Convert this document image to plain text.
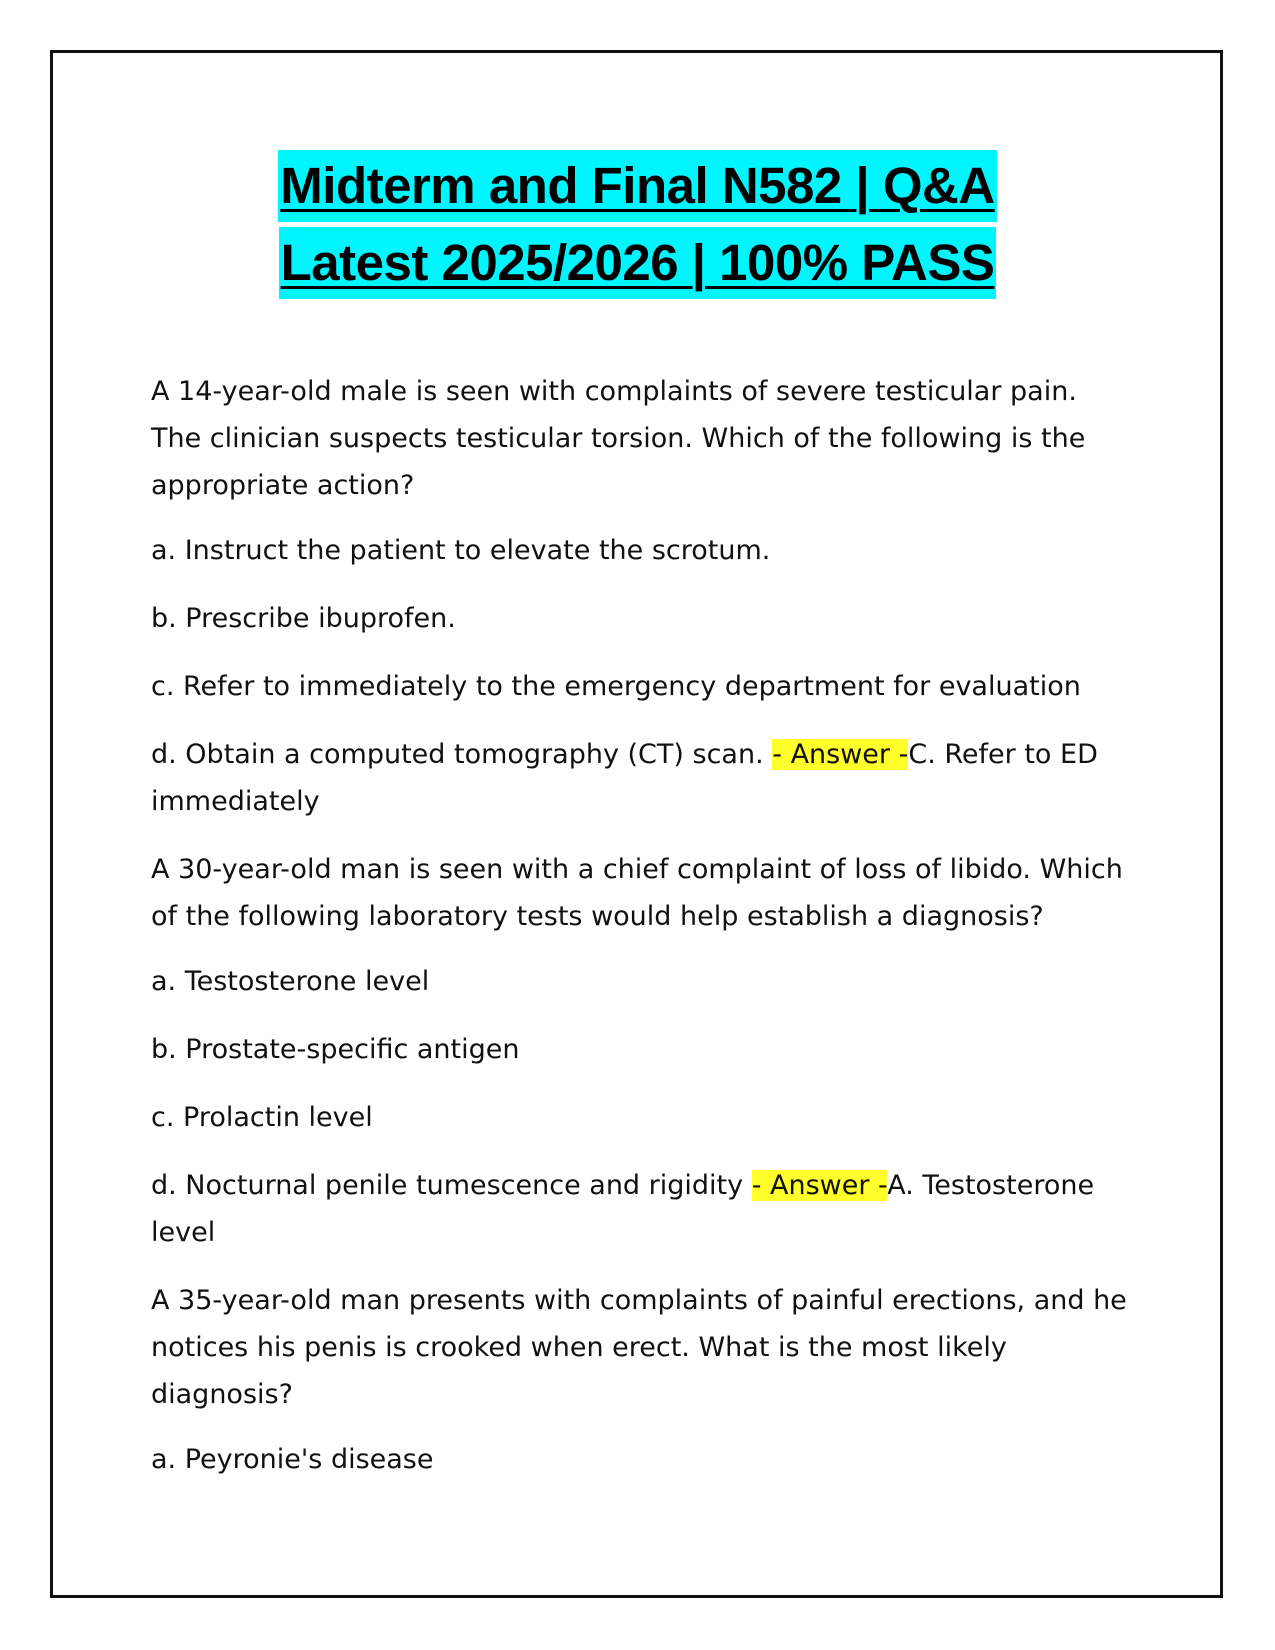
Midterm and Final N582 | Q&A
Latest 2025/2026 | 100% PASS

A 14-year-old male is seen with complaints of severe testicular pain. The clinician suspects testicular torsion. Which of the following is the appropriate action?

a. Instruct the patient to elevate the scrotum.

b. Prescribe ibuprofen.

c. Refer to immediately to the emergency department for evaluation

d. Obtain a computed tomography (CT) scan. - Answer -C. Refer to ED immediately

A 30-year-old man is seen with a chief complaint of loss of libido. Which of the following laboratory tests would help establish a diagnosis?

a. Testosterone level

b. Prostate-specific antigen

c. Prolactin level

d. Nocturnal penile tumescence and rigidity - Answer -A. Testosterone level

A 35-year-old man presents with complaints of painful erections, and he notices his penis is crooked when erect. What is the most likely diagnosis?

a. Peyronie's disease
